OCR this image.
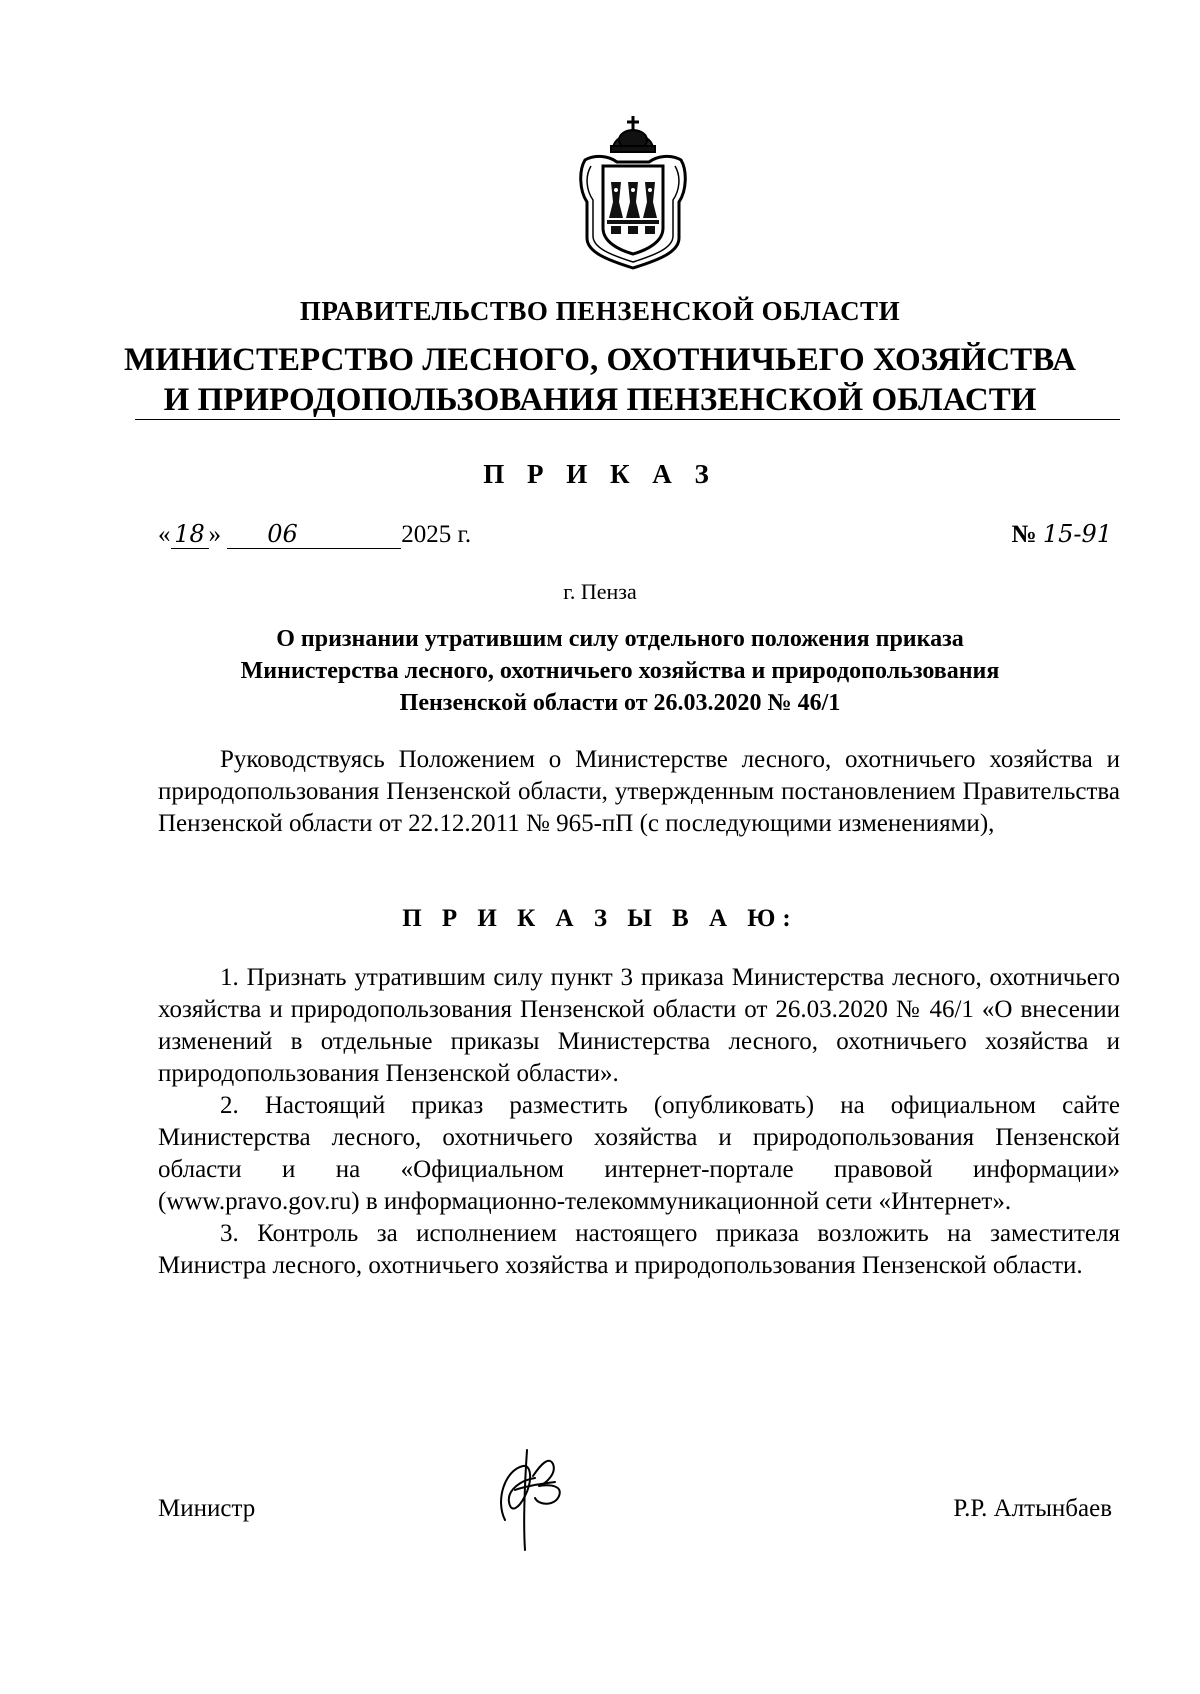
ПРАВИТЕЛЬСТВО ПЕНЗЕНСКОЙ ОБЛАСТИ
МИНИСТЕРСТВО ЛЕСНОГО, ОХОТНИЧЬЕГО ХОЗЯЙСТВА
И ПРИРОДОПОЛЬЗОВАНИЯ ПЕНЗЕНСКОЙ ОБЛАСТИ
П Р И К А З
« 18 » 06	2025 г.	№ 15-91
г. Пенза
О признании утратившим силу отдельного положения приказа
Министерства лесного, охотничьего хозяйства и природопользования
Пензенской области от 26.03.2020 № 46/1
Руководствуясь Положением о Министерстве лесного, охотничьего хозяйства и природопользования Пензенской области, утвержденным постановлением Правительства Пензенской области от 22.12.2011 № 965-пП (с последующими изменениями),
П Р И К А З Ы В А Ю:

1. Признать утратившим силу пункт 3 приказа Министерства лесного, охотничьего хозяйства и природопользования Пензенской области от 26.03.2020 № 46/1 «О внесении изменений в отдельные приказы Министерства лесного, охотничьего хозяйства и природопользования Пензенской области».

2. Настоящий приказ разместить (опубликовать) на официальном сайте Министерства лесного, охотничьего хозяйства и природопользования Пензенской области и на «Официальном интернет-портале правовой информации» (www.pravo.gov.ru) в информационно-телекоммуникационной сети «Интернет».

3. Контроль за исполнением настоящего приказа возложить на заместителя Министра лесного, охотничьего хозяйства и природопользования Пензенской области.

Министр	Р.Р. Алтынбаев
